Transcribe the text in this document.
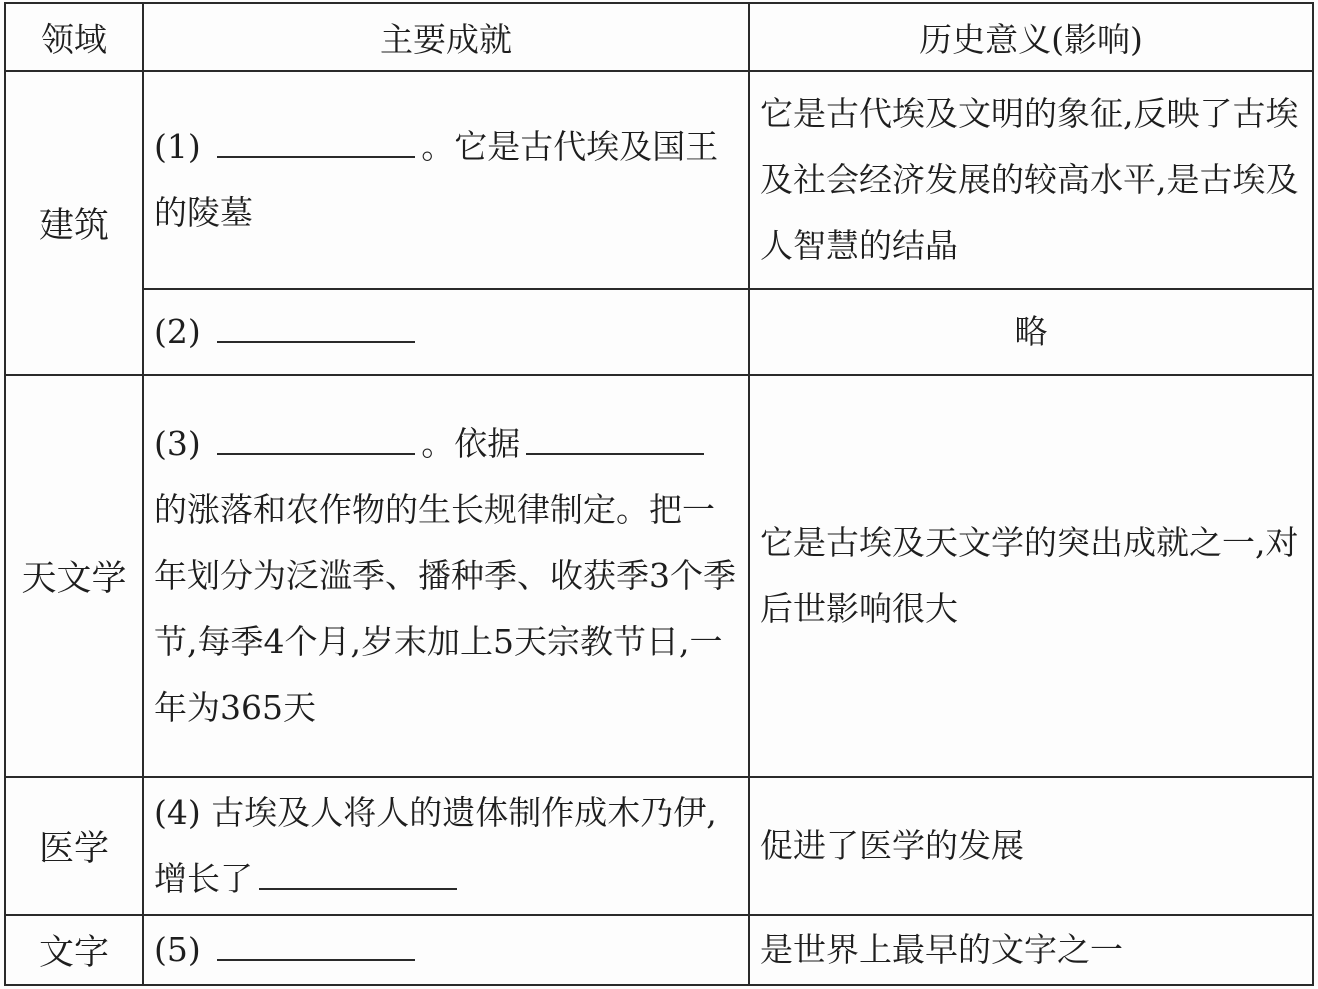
领域	主要成就	历史意义(影响)
建筑	(1) 。它是古代埃及国王的陵墓	它是古代埃及文明的象征,反映了古埃及社会经济发展的较高水平,是古埃及人智慧的结晶
	(2)	略
天文学	(3) 。依据的涨落和农作物的生长规律制定。把一年划分为泛滥季、播种季、收获季3个季节,每季4个月,岁末加上5天宗教节日,一年为365天	它是古埃及天文学的突出成就之一,对后世影响很大
医学	(4) 古埃及人将人的遗体制作成木乃伊,增长了	促进了医学的发展
文字	(5)	是世界上最早的文字之一
